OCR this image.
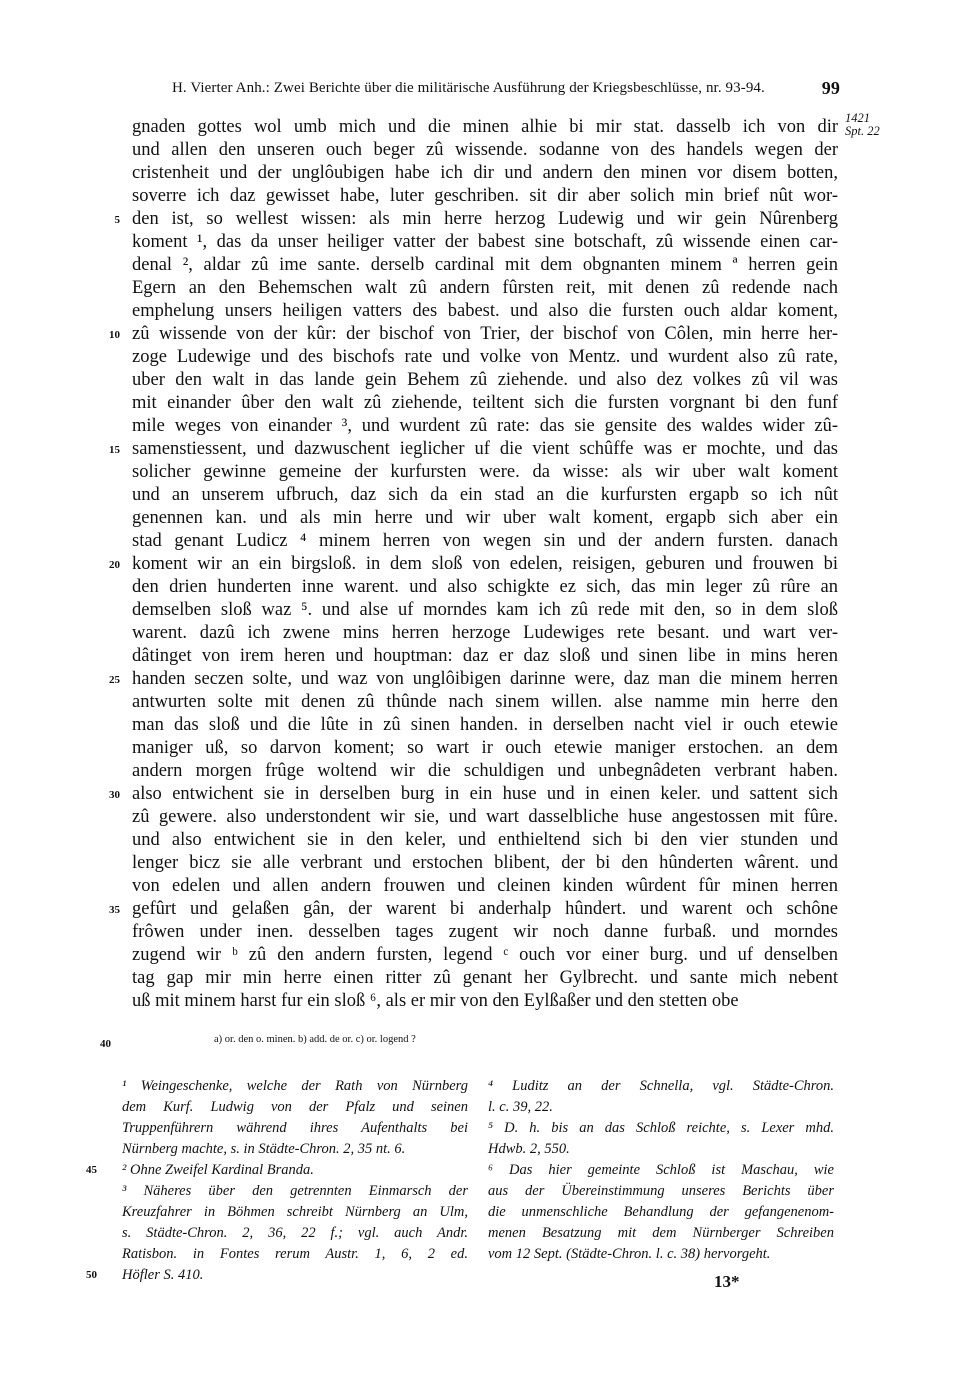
H. Vierter Anh.: Zwei Berichte über die militärische Ausführung der Kriegsbeschlüsse, nr. 93-94.	99
1421
Spt. 22
gnaden gottes wol umb mich und die minen alhie bi mir stat. dasselb ich von dir
und allen den unseren ouch beger zû wissende. sodanne von des handels wegen der
cristenheit und der unglôubigen habe ich dir und andern den minen vor disem botten,
soverre ich daz gewisset habe, luter geschriben. sit dir aber solich min brief nût wor-
5 den ist, so wellest wissen: als min herre herzog Ludewig und wir gein Nûrenberg
koment ¹, das da unser heiliger vatter der babest sine botschaft, zû wissende einen car-
denal ², aldar zû ime sante. derselb cardinal mit dem obgnanten minem ª herren gein
Egern an den Behemschen walt zû andern fûrsten reit, mit denen zû redende nach
emphelung unsers heiligen vatters des babest. und also die fursten ouch aldar koment,
10 zû wissende von der kûr: der bischof von Trier, der bischof von Côlen, min herre her-
zoge Ludewige und des bischofs rate und volke von Mentz. und wurdent also zû rate,
uber den walt in das lande gein Behem zû ziehende. und also dez volkes zû vil was
mit einander ûber den walt zû ziehende, teiltent sich die fursten vorgnant bi den funf
mile weges von einander ³, und wurdent zû rate: das sie gensite des waldes wider zû-
15 samenstiessent, und dazwuschent ieglicher uf die vient schûffe was er mochte, und das
solicher gewinne gemeine der kurfursten were. da wisse: als wir uber walt koment
und an unserem ufbruch, daz sich da ein stad an die kurfursten ergapb so ich nût
genennen kan. und als min herre und wir uber walt koment, ergapb sich aber ein
stad genant Ludicz ⁴ minem herren von wegen sin und der andern fursten. danach
20 koment wir an ein birgsloß. in dem sloß von edelen, reisigen, geburen und frouwen bi
den drien hunderten inne warent. und also schigkte ez sich, das min leger zû rûre an
demselben sloß waz ⁵. und alse uf morndes kam ich zû rede mit den, so in dem sloß
warent. dazû ich zwene mins herren herzoge Ludewiges rete besant. und wart ver-
dâtinget von irem heren und houptman: daz er daz sloß und sinen libe in mins heren
25 handen seczen solte, und waz von unglôibigen darinne were, daz man die minem herren
antwurten solte mit denen zû thûnde nach sinem willen. alse namme min herre den
man das sloß und die lûte in zû sinen handen. in derselben nacht viel ir ouch etewie
maniger uß, so darvon koment; so wart ir ouch etewie maniger erstochen. an dem
andern morgen frûge woltend wir die schuldigen und unbegnâdeten verbrant haben.
30 also entwichent sie in derselben burg in ein huse und in einen keler. und sattent sich
zû gewere. also understondent wir sie, und wart dasselbliche huse angestossen mit fûre.
und also entwichent sie in den keler, und enthieltend sich bi den vier stunden und
lenger bicz sie alle verbrant und erstochen blibent, der bi den hûnderten wârent. und
von edelen und allen andern frouwen und cleinen kinden wûrdent fûr minen herren
35 gefûrt und gelaßen gân, der warent bi anderhalp hûndert. und warent och schône
frôwen under inen. desselben tages zugent wir noch danne furbaß. und morndes
zugend wir ᵇ zû den andern fursten, legend ᶜ ouch vor einer burg. und uf denselben
tag gap mir min herre einen ritter zû genant her Gylbrecht. und sante mich nebent
uß mit minem harst fur ein sloß ⁶, als er mir von den Eylßaßer und den stetten obe
40	a) or. den o. minen. b) add. de or. c) or. logend ?
¹ Weingeschenke, welche der Rath von Nürnberg
dem Kurf. Ludwig von der Pfalz und seinen
Truppenführern während ihres Aufenthalts bei
Nürnberg machte, s. in Städte-Chron. 2, 35 nt. 6.
45 ² Ohne Zweifel Kardinal Branda.
³ Näheres über den getrennten Einmarsch der
Kreuzfahrer in Böhmen schreibt Nürnberg an Ulm,
s. Städte-Chron. 2, 36, 22 f.; vgl. auch Andr.
Ratisbon. in Fontes rerum Austr. 1, 6, 2 ed.
50 Höfler S. 410.
⁴ Luditz an der Schnella, vgl. Städte-Chron.
l. c. 39, 22.
⁵ D. h. bis an das Schloß reichte, s. Lexer mhd.
Hdwb. 2, 550.
⁶ Das hier gemeinte Schloß ist Maschau, wie
aus der Übereinstimmung unseres Berichts über
die unmenschliche Behandlung der gefangenenom-
menen Besatzung mit dem Nürnberger Schreiben
vom 12 Sept. (Städte-Chron. l. c. 38) hervorgeht.
13*
